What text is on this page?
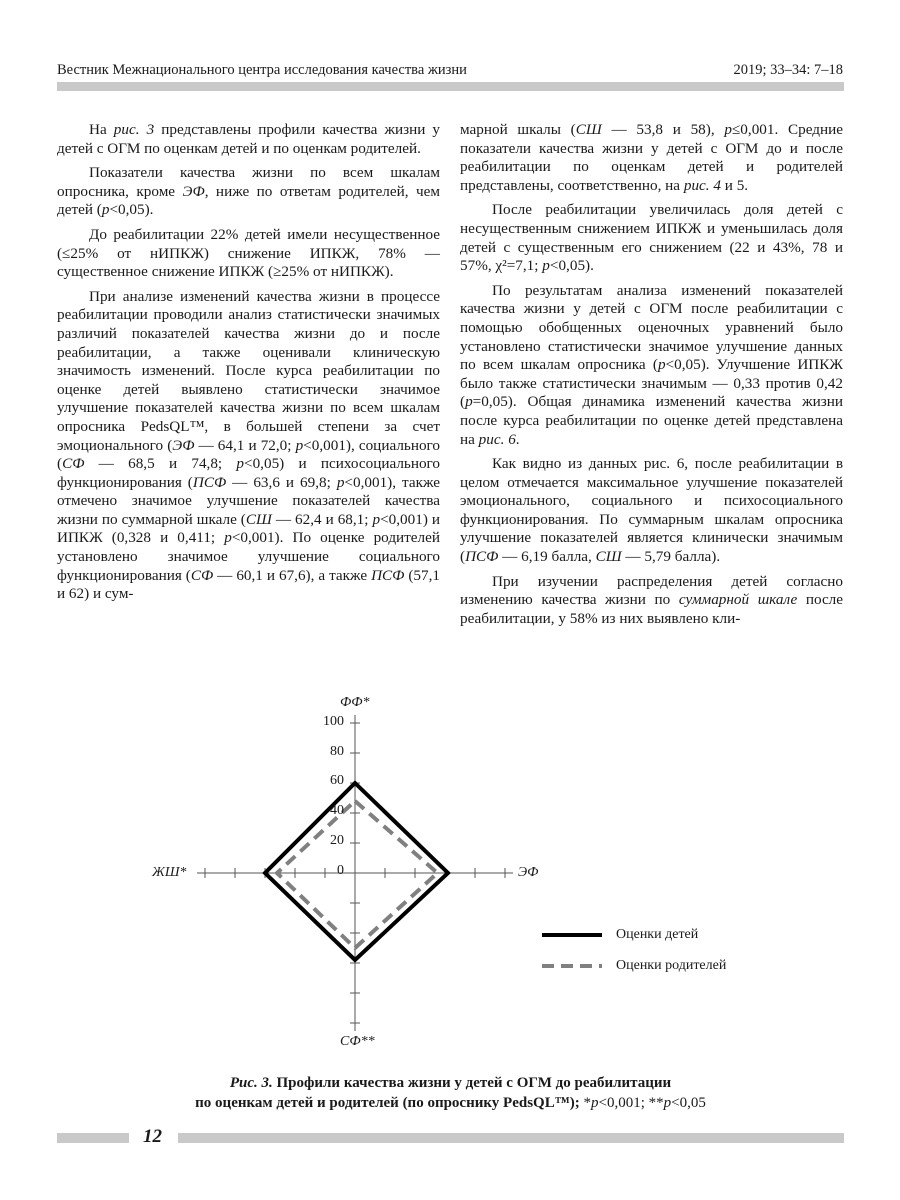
Вестник Межнационального центра исследования качества жизни	2019; 33–34: 7–18

На рис. 3 представлены профили качества жизни у детей с ОГМ по оценкам детей и по оценкам родителей.

Показатели качества жизни по всем шкалам опросника, кроме ЭФ, ниже по ответам родителей, чем детей (p<0,05).

До реабилитации 22% детей имели несущественное (≤25% от нИПКЖ) снижение ИПКЖ, 78% — существенное снижение ИПКЖ (≥25% от нИПКЖ).

При анализе изменений качества жизни в процессе реабилитации проводили анализ статистически значимых различий показателей качества жизни до и после реабилитации, а также оценивали клиническую значимость изменений. После курса реабилитации по оценке детей выявлено статистически значимое улучшение показателей качества жизни по всем шкалам опросника PedsQL™, в большей степени за счет эмоционального (ЭФ — 64,1 и 72,0; p<0,001), социального (СФ — 68,5 и 74,8; p<0,05) и психосоциального функционирования (ПСФ — 63,6 и 69,8; p<0,001), также отмечено значимое улучшение показателей качества жизни по суммарной шкале (СШ — 62,4 и 68,1; p<0,001) и ИПКЖ (0,328 и 0,411; p<0,001). По оценке родителей установлено значимое улучшение социального функционирования (СФ — 60,1 и 67,6), а также ПСФ (57,1 и 62) и сум-

марной шкалы (СШ — 53,8 и 58), p≤0,001. Средние показатели качества жизни у детей с ОГМ до и после реабилитации по оценкам детей и родителей представлены, соответственно, на рис. 4 и 5.

После реабилитации увеличилась доля детей с несущественным снижением ИПКЖ и уменьшилась доля детей с существенным его снижением (22 и 43%, 78 и 57%, χ²=7,1; p<0,05).

По результатам анализа изменений показателей качества жизни у детей с ОГМ после реабилитации с помощью обобщенных оценочных уравнений было установлено статистически значимое улучшение данных по всем шкалам опросника (p<0,05). Улучшение ИПКЖ было также статистически значимым — 0,33 против 0,42 (p=0,05). Общая динамика изменений качества жизни после курса реабилитации по оценке детей представлена на рис. 6.

Как видно из данных рис. 6, после реабилитации в целом отмечается максимальное улучшение показателей эмоционального, социального и психосоциального функционирования. По суммарным шкалам опросника улучшение показателей является клинически значимым (ПСФ — 6,19 балла, СШ — 5,79 балла).

При изучении распределения детей согласно изменению качества жизни по суммарной шкале после реабилитации, у 58% из них выявлено кли-

ФФ*
ЭФ
СФ**
ЖШ*
100
80
60
40
20
0
Оценки детей
Оценки родителей
Рис. 3. Профили качества жизни у детей с ОГМ до реабилитации
по оценкам детей и родителей (по опроснику PedsQL™); *p<0,001; **p<0,05
12
